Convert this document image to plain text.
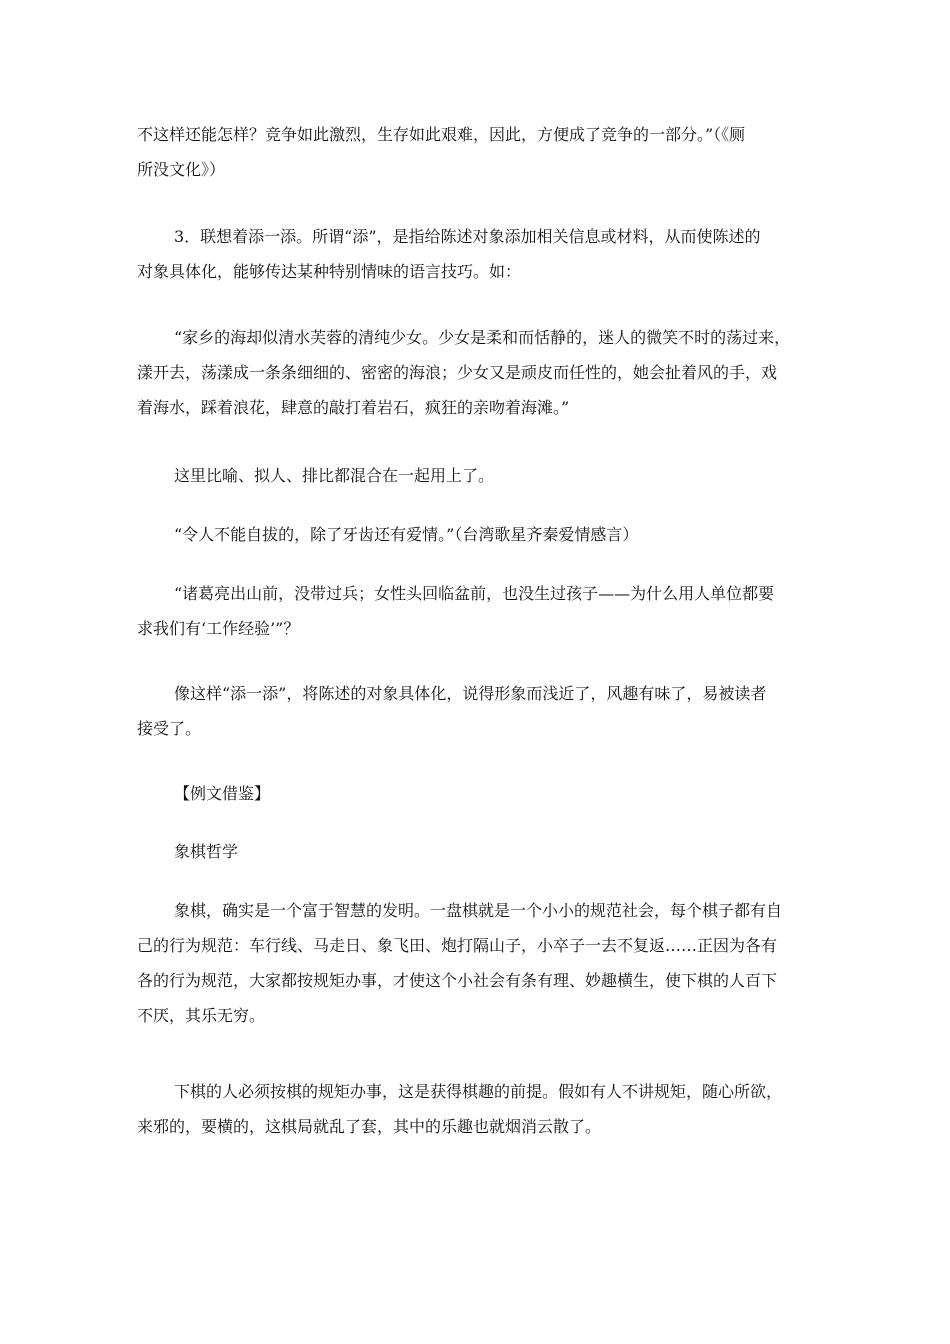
不这样还能怎样？竞争如此激烈，生存如此艰难，因此，方便成了竞争的一部分。”（《厕
所没文化》）

3．联想着添一添。所谓“添”，是指给陈述对象添加相关信息或材料，从而使陈述的
对象具体化，能够传达某种特别情味的语言技巧。如：

“家乡的海却似清水芙蓉的清纯少女。少女是柔和而恬静的，迷人的微笑不时的荡过来，
漾开去，荡漾成一条条细细的、密密的海浪；少女又是顽皮而任性的，她会扯着风的手，戏
着海水，踩着浪花，肆意的敲打着岩石，疯狂的亲吻着海滩。”

这里比喻、拟人、排比都混合在一起用上了。

“令人不能自拔的，除了牙齿还有爱情。”（台湾歌星齐秦爱情感言）

“诸葛亮出山前，没带过兵；女性头回临盆前，也没生过孩子——为什么用人单位都要
求我们有‘工作经验’”？

像这样“添一添”，将陈述的对象具体化，说得形象而浅近了，风趣有味了，易被读者
接受了。

【例文借鉴】

象棋哲学

象棋，确实是一个富于智慧的发明。一盘棋就是一个小小的规范社会，每个棋子都有自
己的行为规范：车行线、马走日、象飞田、炮打隔山子，小卒子一去不复返……正因为各有
各的行为规范，大家都按规矩办事，才使这个小社会有条有理、妙趣横生，使下棋的人百下
不厌，其乐无穷。

下棋的人必须按棋的规矩办事，这是获得棋趣的前提。假如有人不讲规矩，随心所欲，
来邪的，要横的，这棋局就乱了套，其中的乐趣也就烟消云散了。
